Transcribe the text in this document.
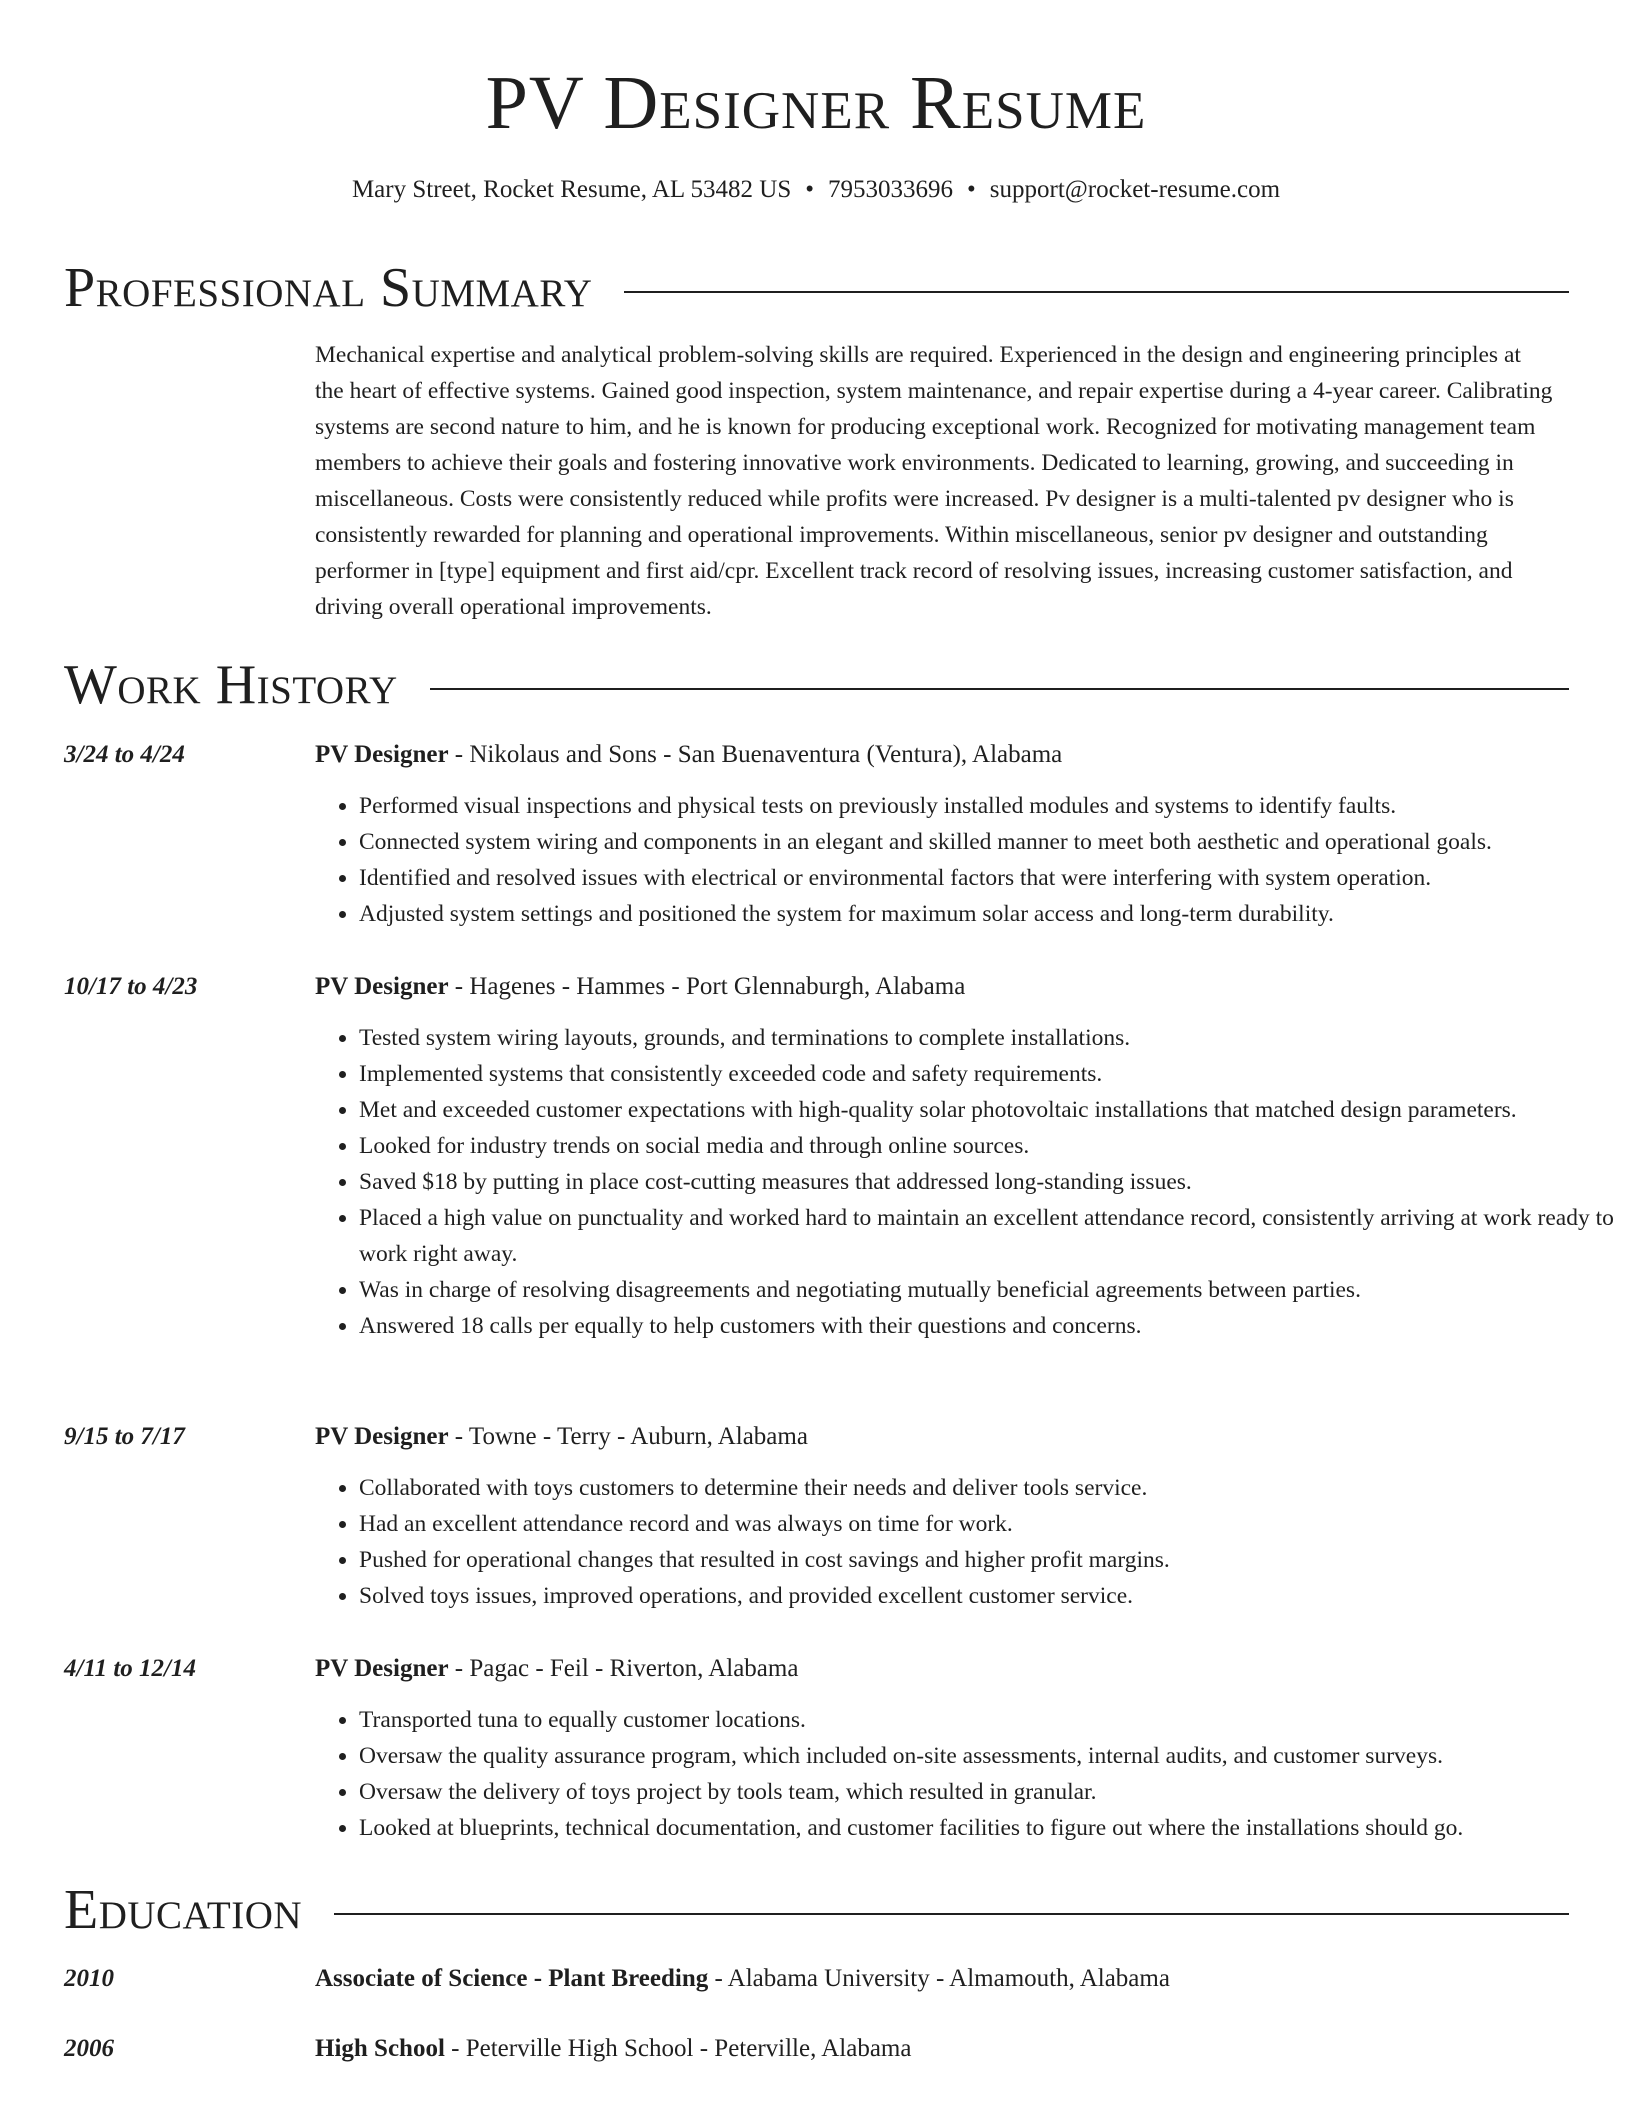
PV Designer Resume
Mary Street, Rocket Resume, AL 53482 US • 7953033696 • support@rocket-resume.com
Professional Summary

Mechanical expertise and analytical problem-solving skills are required. Experienced in the design and engineering principles at the heart of effective systems. Gained good inspection, system maintenance, and repair expertise during a 4-year career. Calibrating systems are second nature to him, and he is known for producing exceptional work. Recognized for motivating management team members to achieve their goals and fostering innovative work environments. Dedicated to learning, growing, and succeeding in miscellaneous. Costs were consistently reduced while profits were increased. Pv designer is a multi-talented pv designer who is consistently rewarded for planning and operational improvements. Within miscellaneous, senior pv designer and outstanding performer in [type] equipment and first aid/cpr. Excellent track record of resolving issues, increasing customer satisfaction, and driving overall operational improvements.

Work History
3/24 to 4/24	PV Designer - Nikolaus and Sons - San Buenaventura (Ventura), Alabama
• Performed visual inspections and physical tests on previously installed modules and systems to identify faults.
• Connected system wiring and components in an elegant and skilled manner to meet both aesthetic and operational goals.
• Identified and resolved issues with electrical or environmental factors that were interfering with system operation.
• Adjusted system settings and positioned the system for maximum solar access and long-term durability.
10/17 to 4/23	PV Designer - Hagenes - Hammes - Port Glennaburgh, Alabama
• Tested system wiring layouts, grounds, and terminations to complete installations.
• Implemented systems that consistently exceeded code and safety requirements.
• Met and exceeded customer expectations with high-quality solar photovoltaic installations that matched design parameters.
• Looked for industry trends on social media and through online sources.
• Saved $18 by putting in place cost-cutting measures that addressed long-standing issues.
• Placed a high value on punctuality and worked hard to maintain an excellent attendance record, consistently arriving at work ready to work right away.
• Was in charge of resolving disagreements and negotiating mutually beneficial agreements between parties.
• Answered 18 calls per equally to help customers with their questions and concerns.
9/15 to 7/17	PV Designer - Towne - Terry - Auburn, Alabama
• Collaborated with toys customers to determine their needs and deliver tools service.
• Had an excellent attendance record and was always on time for work.
• Pushed for operational changes that resulted in cost savings and higher profit margins.
• Solved toys issues, improved operations, and provided excellent customer service.
4/11 to 12/14	PV Designer - Pagac - Feil - Riverton, Alabama
• Transported tuna to equally customer locations.
• Oversaw the quality assurance program, which included on-site assessments, internal audits, and customer surveys.
• Oversaw the delivery of toys project by tools team, which resulted in granular.
• Looked at blueprints, technical documentation, and customer facilities to figure out where the installations should go.
Education
2010	Associate of Science - Plant Breeding - Alabama University - Almamouth, Alabama
2006	High School - Peterville High School - Peterville, Alabama
